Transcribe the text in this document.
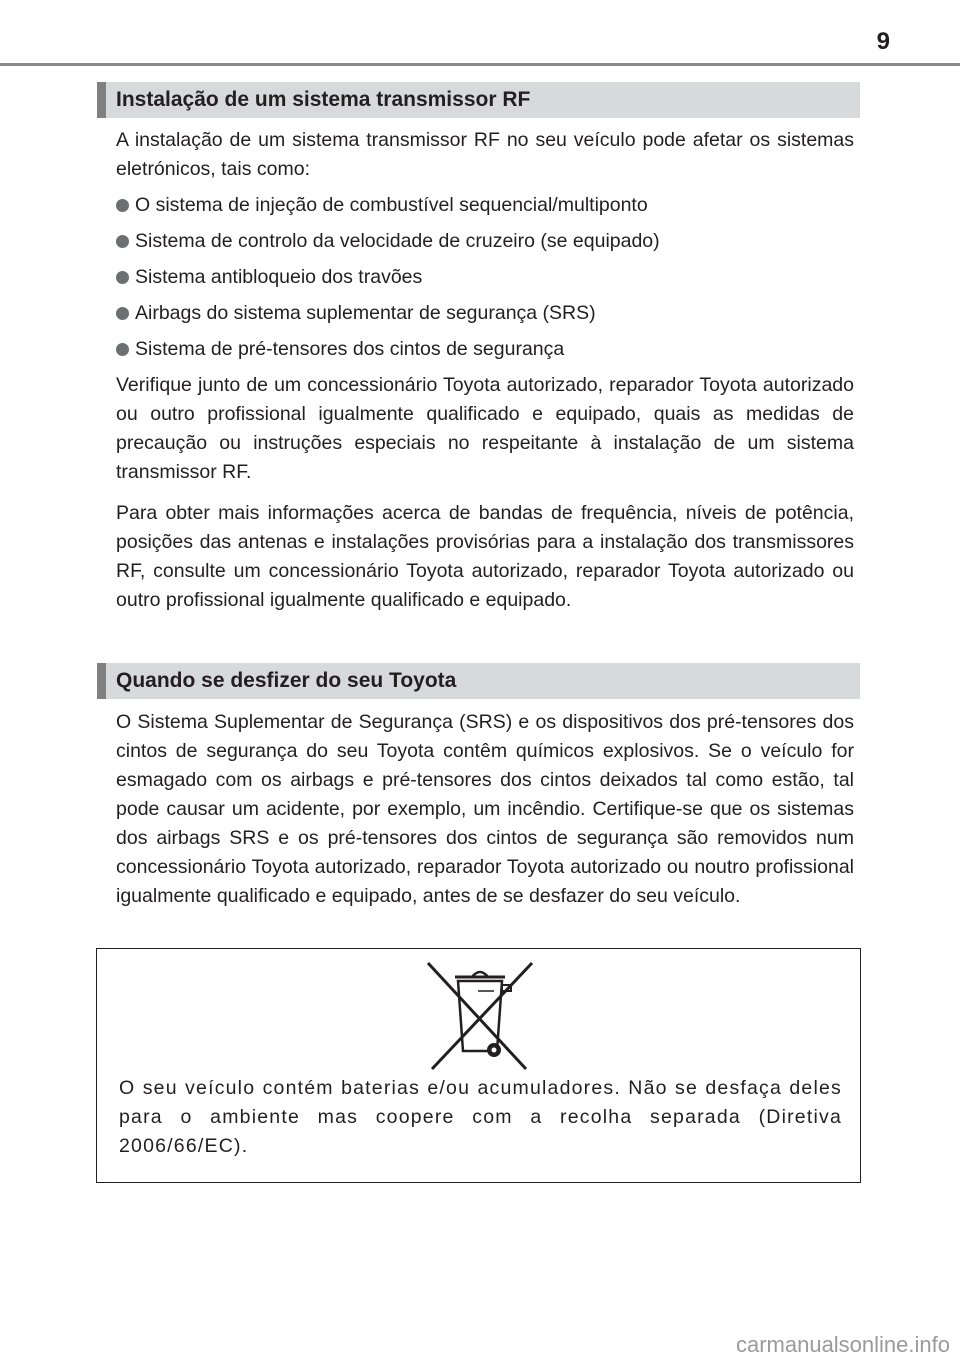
9
Instalação de um sistema transmissor RF

A instalação de um sistema transmissor RF no seu veículo pode afetar os sistemas eletrónicos, tais como:

O sistema de injeção de combustível sequencial/multiponto
Sistema de controlo da velocidade de cruzeiro (se equipado)
Sistema antibloqueio dos travões
Airbags do sistema suplementar de segurança (SRS)
Sistema de pré-tensores dos cintos de segurança

Verifique junto de um concessionário Toyota autorizado, reparador Toyota autorizado ou outro profissional igualmente qualificado e equipado, quais as medidas de precaução ou instruções especiais no respeitante à instalação de um sistema transmissor RF.

Para obter mais informações acerca de bandas de frequência, níveis de potência, posições das antenas e instalações provisórias para a instalação dos transmissores RF, consulte um concessionário Toyota autorizado, reparador Toyota autorizado ou outro profissional igualmente qualificado e equipado.

Quando se desfizer do seu Toyota

O Sistema Suplementar de Segurança (SRS) e os dispositivos dos pré-tensores dos cintos de segurança do seu Toyota contêm químicos explosivos. Se o veículo for esmagado com os airbags e pré-tensores dos cintos deixados tal como estão, tal pode causar um acidente, por exemplo, um incêndio. Certifique-se que os sistemas dos airbags SRS e os pré-tensores dos cintos de segurança são removidos num concessionário Toyota autorizado, reparador Toyota autorizado ou noutro profissional igualmente qualificado e equipado, antes de se desfazer do seu veículo.

O seu veículo contém baterias e/ou acumuladores. Não se desfaça deles para o ambiente mas coopere com a recolha separada (Diretiva 2006/66/EC).
carmanualsonline.info
